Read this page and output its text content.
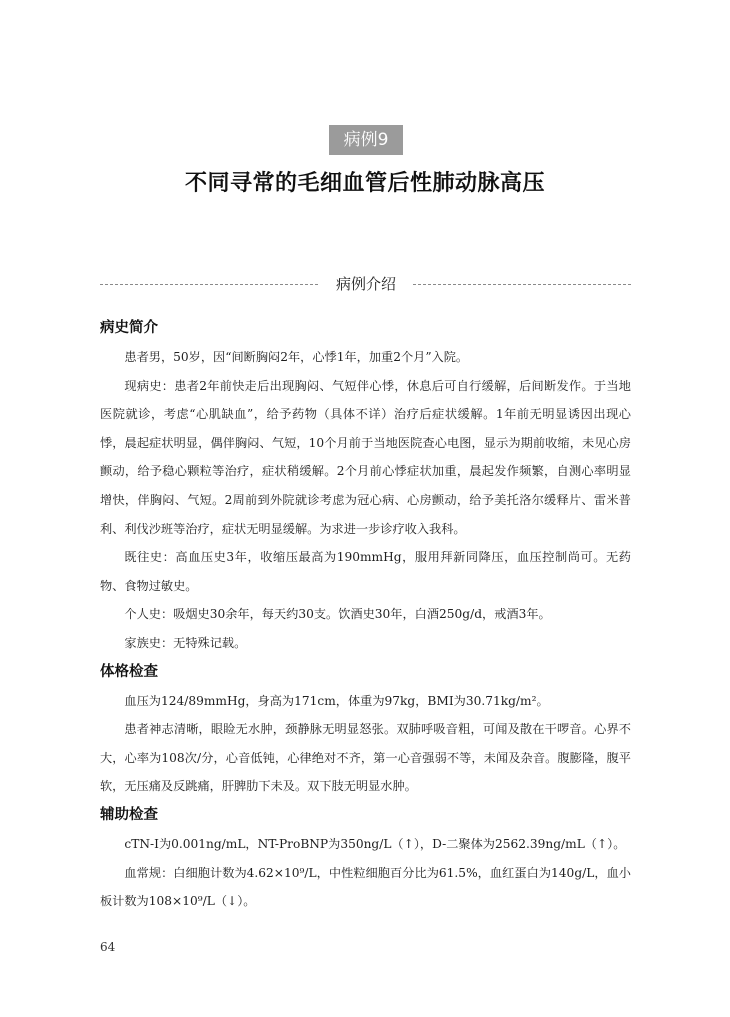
病例9
不同寻常的毛细血管后性肺动脉高压
病例介绍
病史简介

患者男，50岁，因“间断胸闷2年，心悸1年，加重2个月”入院。

现病史：患者2年前快走后出现胸闷、气短伴心悸，休息后可自行缓解，后间断发作。于当地医院就诊，考虑“心肌缺血”，给予药物（具体不详）治疗后症状缓解。1年前无明显诱因出现心悸，晨起症状明显，偶伴胸闷、气短，10个月前于当地医院查心电图，显示为期前收缩，未见心房颤动，给予稳心颗粒等治疗，症状稍缓解。2个月前心悸症状加重，晨起发作频繁，自测心率明显增快，伴胸闷、气短。2周前到外院就诊考虑为冠心病、心房颤动，给予美托洛尔缓释片、雷米普利、利伐沙班等治疗，症状无明显缓解。为求进一步诊疗收入我科。

既往史：高血压史3年，收缩压最高为190mmHg，服用拜新同降压，血压控制尚可。无药物、食物过敏史。

个人史：吸烟史30余年，每天约30支。饮酒史30年，白酒250g/d，戒酒3年。

家族史：无特殊记载。

体格检查

血压为124/89mmHg，身高为171cm，体重为97kg，BMI为30.71kg/m²。

患者神志清晰，眼睑无水肿，颈静脉无明显怒张。双肺呼吸音粗，可闻及散在干啰音。心界不大，心率为108次/分，心音低钝，心律绝对不齐，第一心音强弱不等，未闻及杂音。腹膨隆，腹平软，无压痛及反跳痛，肝脾肋下未及。双下肢无明显水肿。

辅助检查

cTN-I为0.001ng/mL，NT-ProBNP为350ng/L（↑），D-二聚体为2562.39ng/mL（↑）。

血常规：白细胞计数为4.62×10⁹/L，中性粒细胞百分比为61.5%，血红蛋白为140g/L，血小板计数为108×10⁹/L（↓）。

64
